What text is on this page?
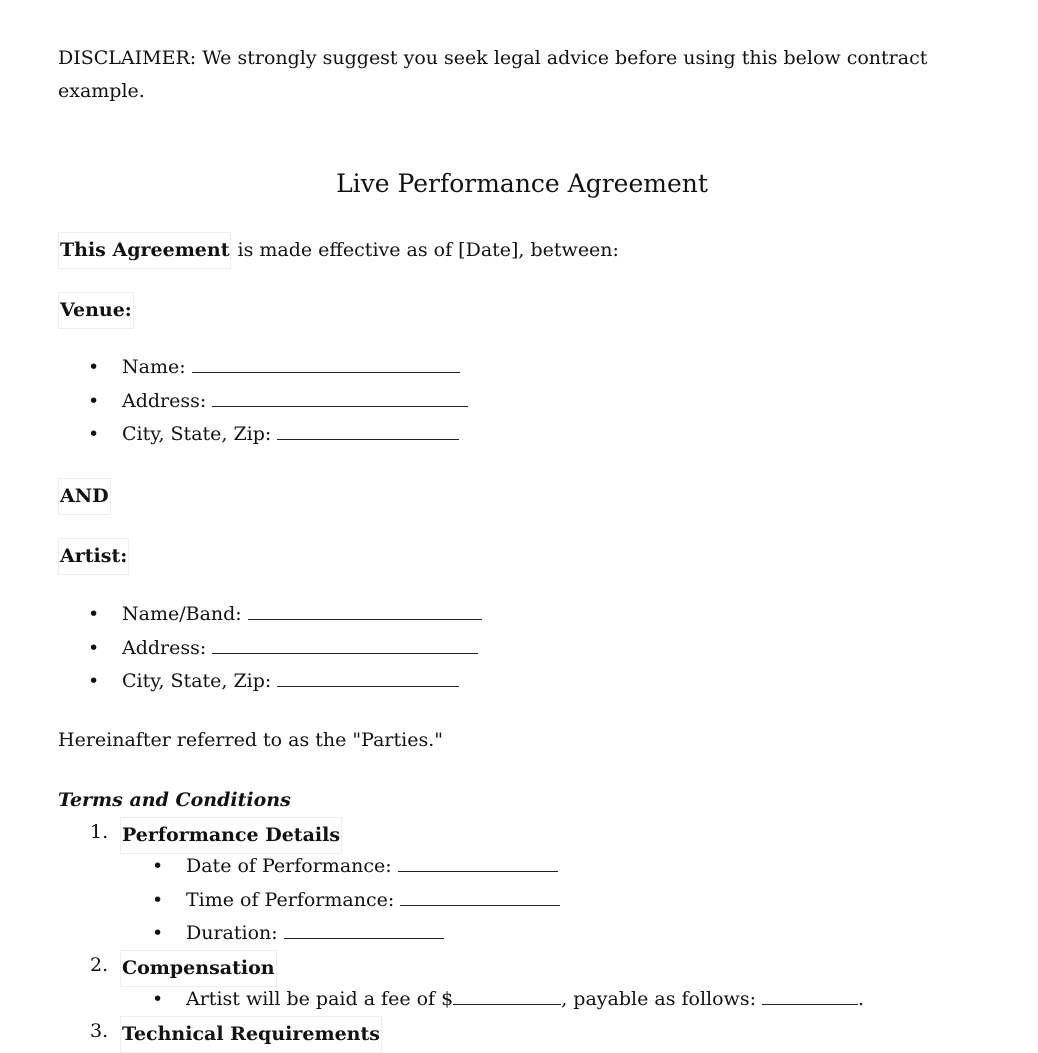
DISCLAIMER: We strongly suggest you seek legal advice before using this below contract example.
Live Performance Agreement
This Agreement is made effective as of [Date], between:
Venue:
• Name:
• Address:
• City, State, Zip:
AND
Artist:
• Name/Band:
• Address:
• City, State, Zip:
Hereinafter referred to as the "Parties."
Terms and Conditions
1. Performance Details
• Date of Performance:
• Time of Performance:
• Duration:
2. Compensation
• Artist will be paid a fee of $	, payable as follows:	.
3. Technical Requirements
